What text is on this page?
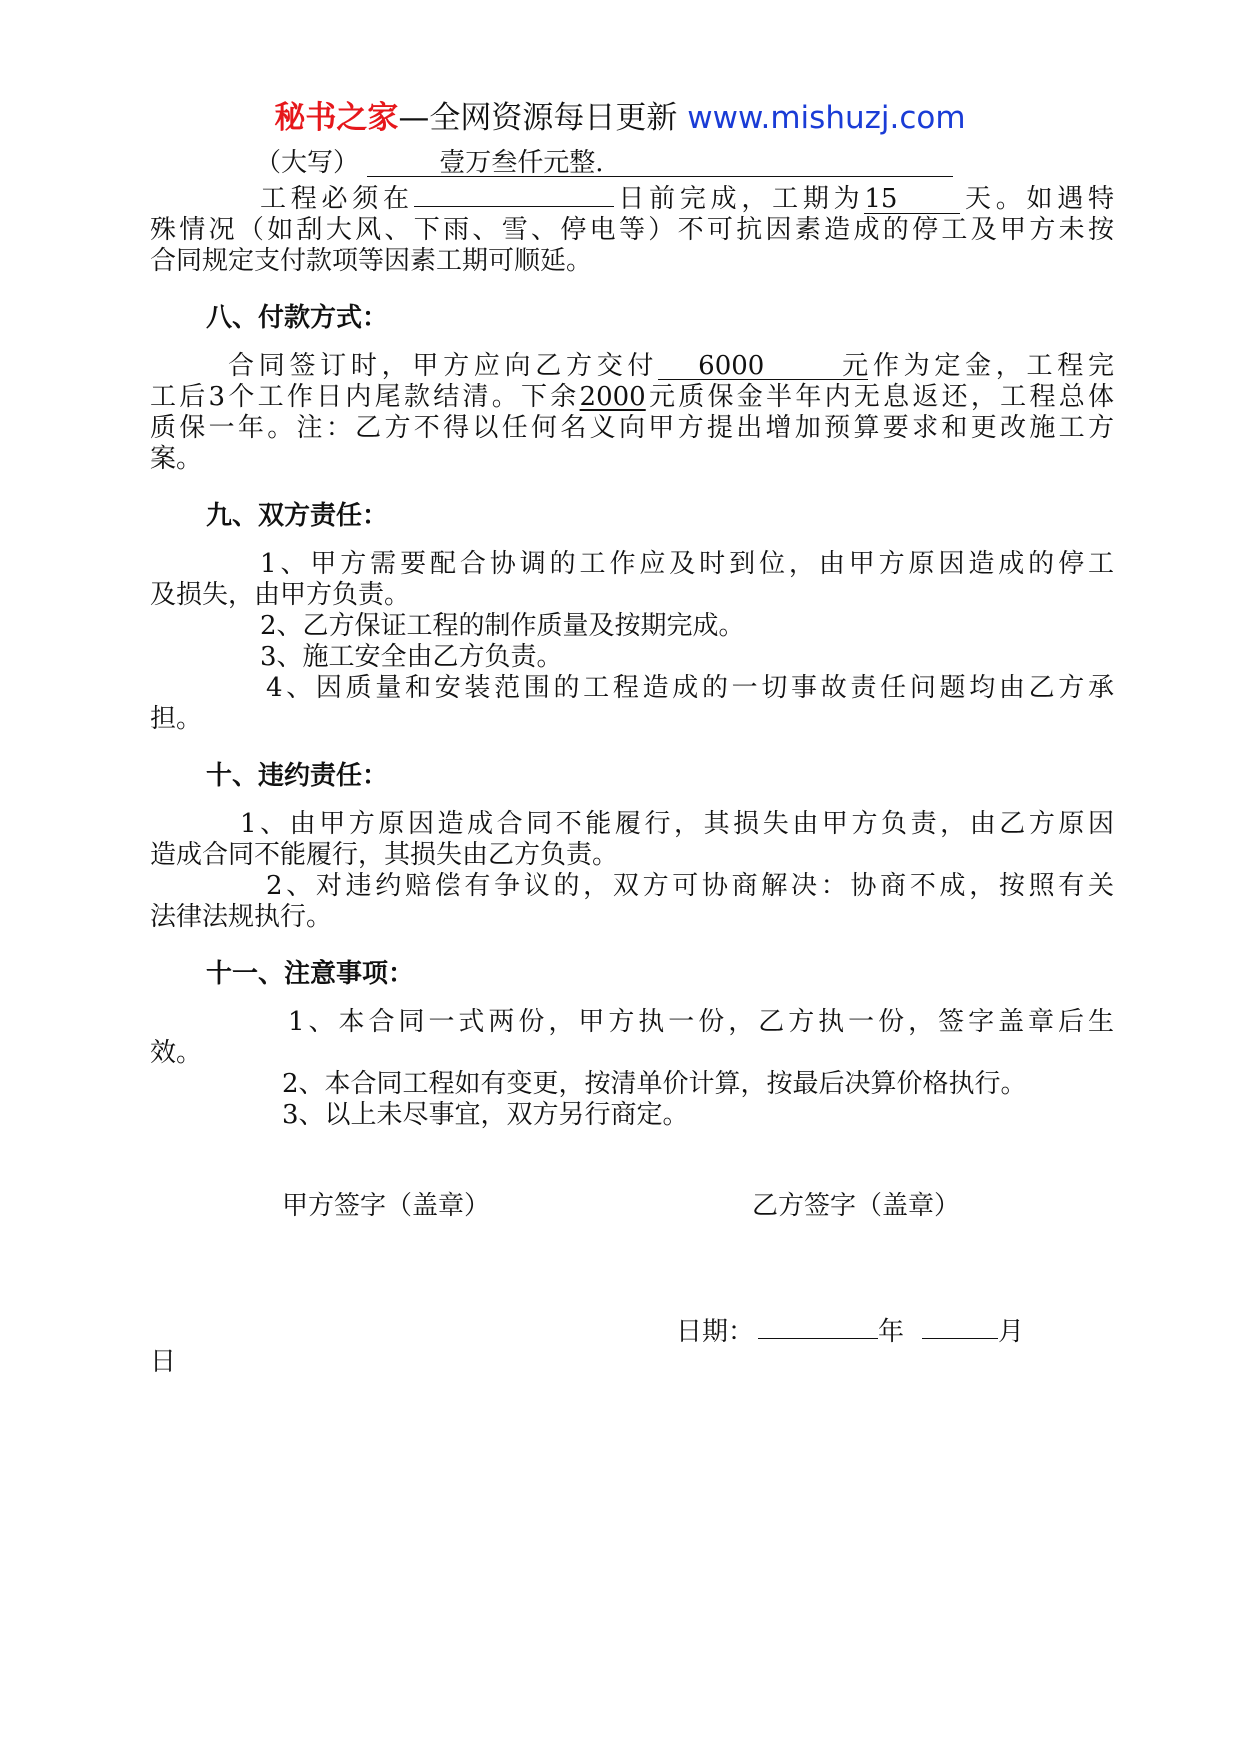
秘书之家—全网资源每日更新 www.mishuzj.com
（大写）	壹万叁仟元整.
工程必须在	日前完成，工期为15 天。如遇特
殊情况（如刮大风、下雨、雪、停电等）不可抗因素造成的停工及甲方未按
合同规定支付款项等因素工期可顺延。
八、付款方式：
合同签订时，甲方应向乙方交付 6000元作为定金，工程完
工后3个工作日内尾款结清。下余2000元质保金半年内无息返还，工程总体
质保一年。注：乙方不得以任何名义向甲方提出增加预算要求和更改施工方
案。
九、双方责任：
1、甲方需要配合协调的工作应及时到位，由甲方原因造成的停工
及损失，由甲方负责。
2、乙方保证工程的制作质量及按期完成。
3、施工安全由乙方负责。
4、因质量和安装范围的工程造成的一切事故责任问题均由乙方承
担。
十、违约责任：
1、由甲方原因造成合同不能履行，其损失由甲方负责，由乙方原因
造成合同不能履行，其损失由乙方负责。
2、对违约赔偿有争议的，双方可协商解决：协商不成，按照有关
法律法规执行。
十一、注意事项：
1、本合同一式两份，甲方执一份，乙方执一份，签字盖章后生
效。
2、本合同工程如有变更，按清单价计算，按最后决算价格执行。
3、以上未尽事宜，双方另行商定。
甲方签字（盖章）	乙方签字（盖章）
日期：	年	月
日
